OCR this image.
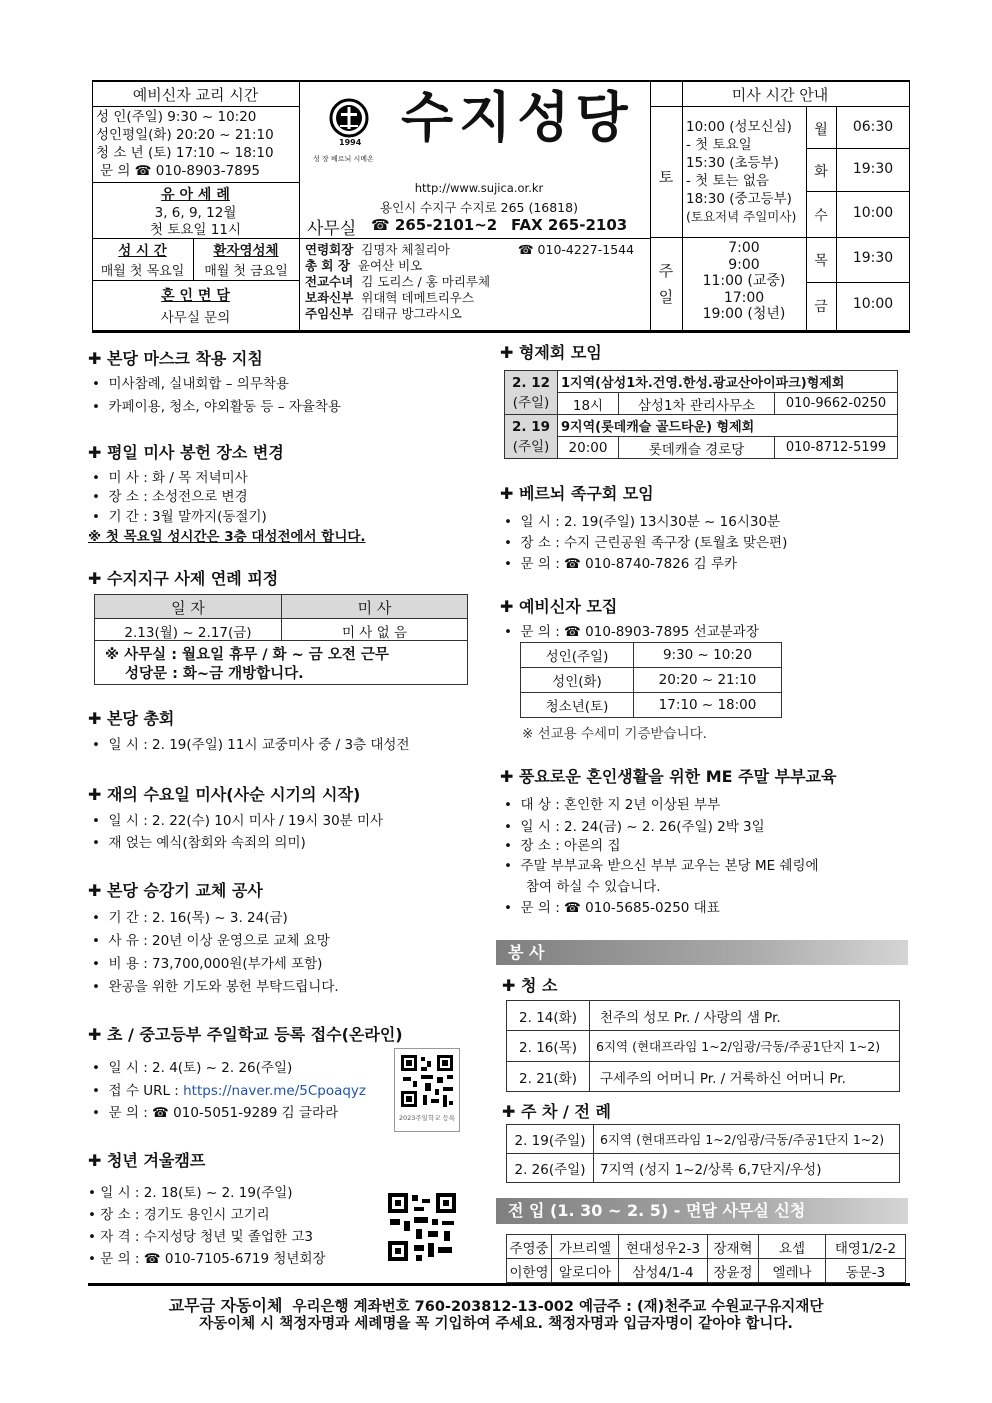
예비신자 교리 시간
성 인(주일) 9:30 ~ 10:20
성인평일(화) 20:20 ~ 21:10
청 소 년 (토) 17:10 ~ 18:10
문 의 ☎ 010-8903-7895
유 아 세 례
3, 6, 9, 12월
첫 토요일 11시
성 시 간
매월 첫 목요일
환자영성체
매월 첫 금요일
혼 인 면 담
사무실 문의
1994
성 장 베르뇌 시메온
수지성당
http://www.sujica.or.kr
용인시 수지구 수지로 265 (16818)
사무실 ☎ 265-2101~2 FAX 265-2103
연령회장 김명자 체칠리아	☎ 010-4227-1544
총 회 장 윤여산 비오
전교수녀 김 도리스 / 홍 마리루체
보좌신부 위대혁 데메트리우스
주임신부 김태규 방그라시오
미사 시간 안내
토
10:00 (성모신심)
- 첫 토요일
15:30 (초등부)
- 첫 토는 없음
18:30 (중고등부)
(토요저녁 주일미사)
주
일
7:00
9:00
11:00 (교중)
17:00
19:00 (청년)
월	06:30
화	19:30
수	10:00
목	19:30
금	10:00
✚ 본당 마스크 착용 지침
•  미사참례, 실내회합 – 의무착용
•  카페이용, 청소, 야외활동 등 – 자율착용
✚ 평일 미사 봉헌 장소 변경
•  미 사 : 화 / 목 저녁미사
•  장 소 : 소성전으로 변경
•  기 간 : 3월 말까지(동절기)
※ 첫 목요일 성시간은 3층 대성전에서 합니다.
✚ 수지지구 사제 연례 피정
일 자	미 사
2.13(월) ~ 2.17(금)	미 사 없 음
※ 사무실 : 월요일 휴무 / 화 ~ 금 오전 근무
성당문 : 화~금 개방합니다.
✚ 본당 총회
•  일 시 : 2. 19(주일) 11시 교중미사 중 / 3층 대성전
✚ 재의 수요일 미사(사순 시기의 시작)
•  일 시 : 2. 22(수) 10시 미사 / 19시 30분 미사
•  재 얹는 예식(참회와 속죄의 의미)
✚ 본당 승강기 교체 공사
•  기 간 : 2. 16(목) ~ 3. 24(금)
•  사 유 : 20년 이상 운영으로 교체 요망
•  비 용 : 73,700,000원(부가세 포함)
•  완공을 위한 기도와 봉헌 부탁드립니다.
✚ 초 / 중고등부 주일학교 등록 접수(온라인)
•  일 시 : 2. 4(토) ~ 2. 26(주일)
•  접 수 URL : https://naver.me/5Cpoaqyz
•  문 의 : ☎ 010-5051-9289 김 글라라	2023주일학교 등록
✚ 청년 겨울캠프
• 일 시 : 2. 18(토) ~ 2. 19(주일)
• 장 소 : 경기도 용인시 고기리
• 자 격 : 수지성당 청년 및 졸업한 고3
• 문 의 : ☎ 010-7105-6719 청년회장
✚ 형제회 모임
2. 12
(주일)	1지역(삼성1차.건영.한성.광교산아이파크)형제회		
	18시	삼성1차 관리사무소	010-9662-0250
2. 19
(주일)	9지역(롯데캐슬 골드타운) 형제회		
	20:00	롯데캐슬 경로당	010-8712-5199
✚ 베르뇌 족구회 모임
•  일 시 : 2. 19(주일) 13시30분 ~ 16시30분
•  장 소 : 수지 근린공원 족구장 (토월초 맞은편)
•  문 의 : ☎ 010-8740-7826 김 루카
✚ 예비신자 모집
•  문 의 : ☎ 010-8903-7895 선교분과장
성인(주일)	9:30 ~ 10:20
성인(화)	20:20 ~ 21:10
청소년(토)	17:10 ~ 18:00
※ 선교용 수세미 기증받습니다.
✚ 풍요로운 혼인생활을 위한 ME 주말 부부교육
•  대 상 : 혼인한 지 2년 이상된 부부
•  일 시 : 2. 24(금) ~ 2. 26(주일) 2박 3일
•  장 소 : 아론의 집
•  주말 부부교육 받으신 부부 교우는 본당 ME 쉐링에
참여 하실 수 있습니다.
•  문 의 : ☎ 010-5685-0250 대표
봉 사
✚ 청 소
2. 14(화)	천주의 성모 Pr. / 사랑의 샘 Pr.
2. 16(목)	6지역 (현대프라임 1~2/임광/극동/주공1단지 1~2)
2. 21(화)	구세주의 어머니 Pr. / 거룩하신 어머니 Pr.
✚ 주 차 / 전 례
2. 19(주일)	6지역 (현대프라임 1~2/임광/극동/주공1단지 1~2)
2. 26(주일)	7지역 (성지 1~2/상록 6,7단지/우성)
전 입 (1. 30 ~ 2. 5) - 면담 사무실 신청
주영중	가브리엘	현대성우2-3	장재혁	요셉	태영1/2-2
이한영	알로디아	삼성4/1-4	장윤정	엘레나	동문-3
교무금 자동이체 우리은행 계좌번호 760-203812-13-002 예금주 : (재)천주교 수원교구유지재단
자동이체 시 책정자명과 세례명을 꼭 기입하여 주세요. 책정자명과 입금자명이 같아야 합니다.
